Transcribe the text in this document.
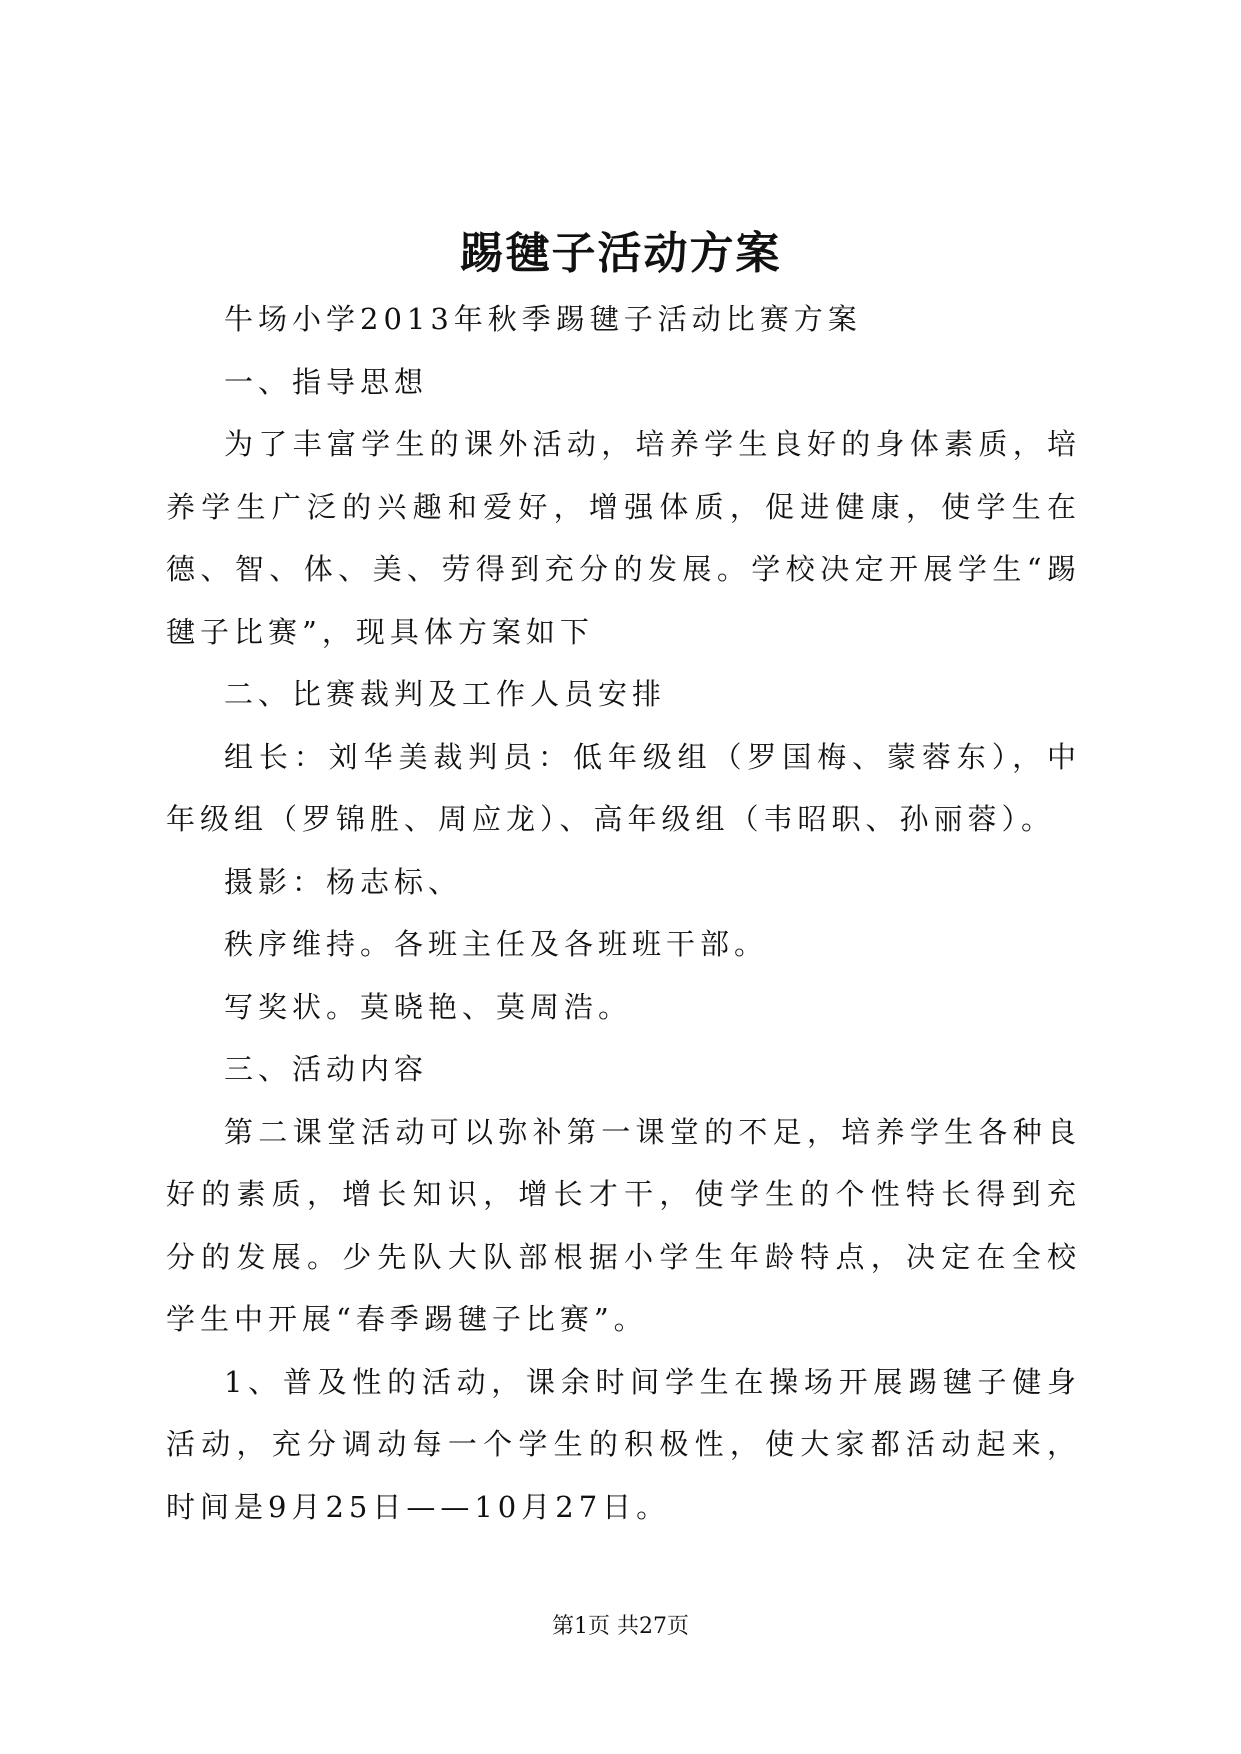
踢毽子活动方案

牛场小学2013年秋季踢毽子活动比赛方案

一、指导思想

为了丰富学生的课外活动，培养学生良好的身体素质，培养学生广泛的兴趣和爱好，增强体质，促进健康，使学生在德、智、体、美、劳得到充分的发展。学校决定开展学生“踢毽子比赛”，现具体方案如下

二、比赛裁判及工作人员安排

组长：刘华美裁判员：低年级组（罗国梅、蒙蓉东），中年级组（罗锦胜、周应龙）、高年级组（韦昭职、孙丽蓉）。

摄影：杨志标、

秩序维持。各班主任及各班班干部。

写奖状。莫晓艳、莫周浩。

三、活动内容

第二课堂活动可以弥补第一课堂的不足，培养学生各种良好的素质，增长知识，增长才干，使学生的个性特长得到充分的发展。少先队大队部根据小学生年龄特点，决定在全校学生中开展“春季踢毽子比赛”。

1、普及性的活动，课余时间学生在操场开展踢毽子健身活动，充分调动每一个学生的积极性，使大家都活动起来，时间是9月25日——10月27日。

第1页 共27页
